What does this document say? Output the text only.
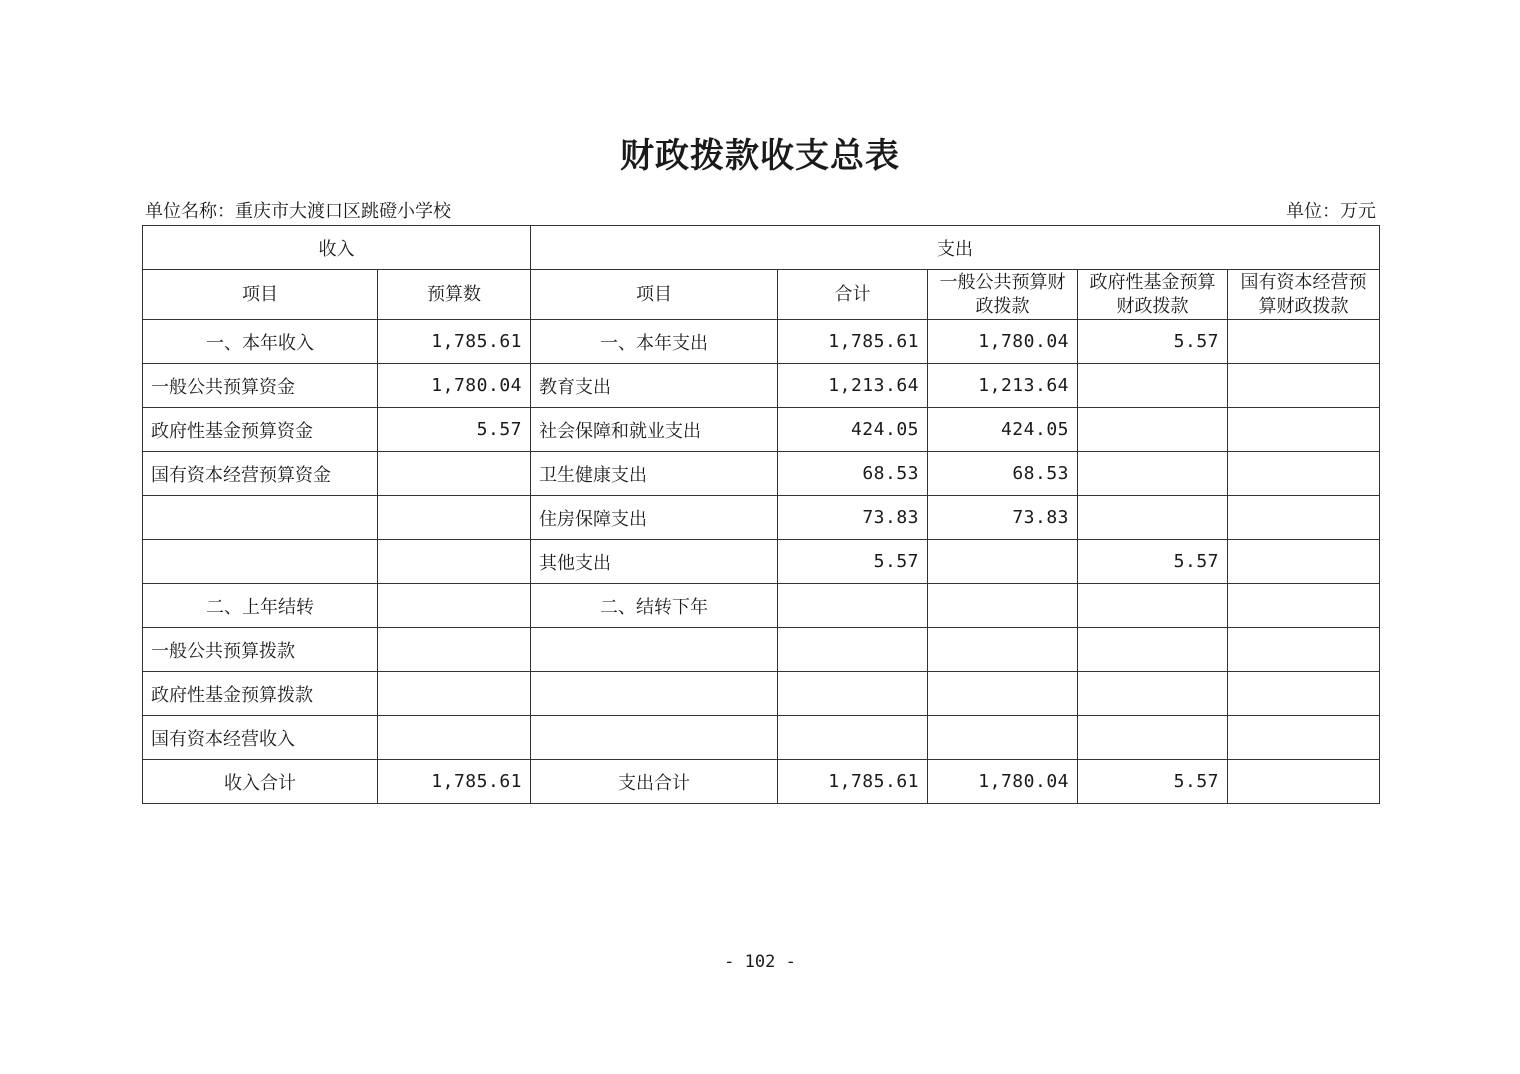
财政拨款收支总表
单位名称：重庆市大渡口区跳磴小学校	单位：万元
收入		支出				
项目	预算数	项目	合计	一般公共预算财政拨款	政府性基金预算财政拨款	国有资本经营预算财政拨款
一、本年收入	1,785.61	一、本年支出	1,785.61	1,780.04	5.57	
一般公共预算资金	1,780.04	教育支出	1,213.64	1,213.64		
政府性基金预算资金	5.57	社会保障和就业支出	424.05	424.05		
国有资本经营预算资金		卫生健康支出	68.53	68.53		
		住房保障支出	73.83	73.83		
		其他支出	5.57		5.57	
二、上年结转		二、结转下年				
一般公共预算拨款						
政府性基金预算拨款						
国有资本经营收入						
收入合计	1,785.61	支出合计	1,785.61	1,780.04	5.57	
- 102 -
